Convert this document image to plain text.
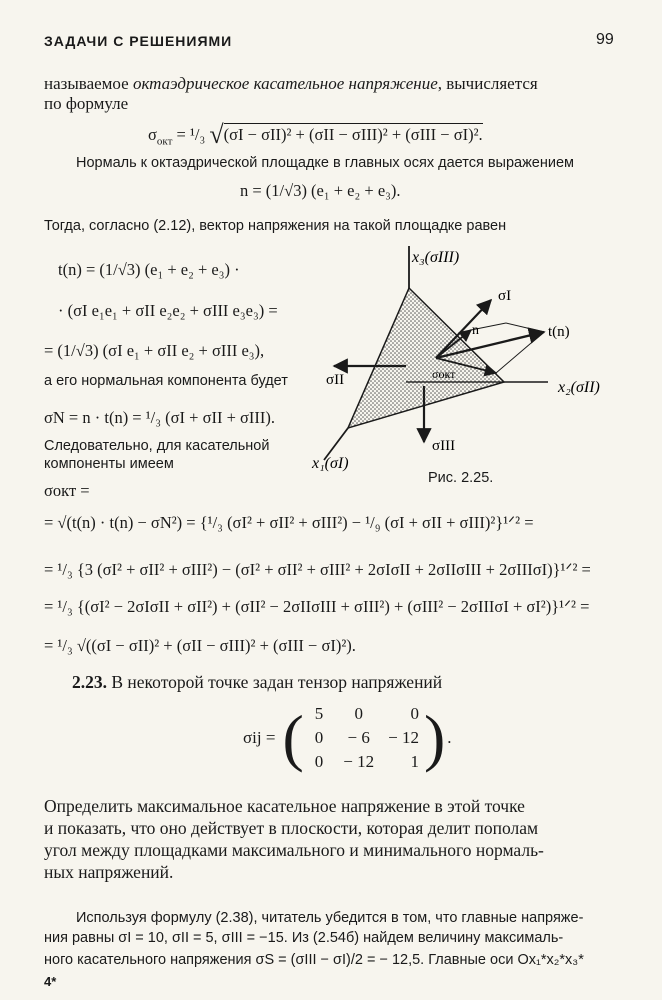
ЗАДАЧИ С РЕШЕНИЯМИ	99
называемое октаэдрическое касательное напряжение, вычисляется
по формуле
$\sigma_{окт} = ^1/_3$ √(σI − σII)² + (σII − σIII)² + (σIII − σI)².
Нормаль к октаэдрической площадке в главных осях дается выражением
n = (1/√3) (e₁ + e₂ + e₃).
Тогда, согласно (2.12), вектор напряжения на такой площадке равен
t(n) = (1/√3) (e₁ + e₂ + e₃) ·
· (σI e₁e₁ + σII e₂e₂ + σIII e₃e₃) =
= (1/√3) (σI e₁ + σII e₂ + σIII e₃),
а его нормальная компонента будет
σN = n · t(n) = ¹/₃ (σI + σII + σIII).
Следовательно, для касательной
компоненты имеем
σокт =
x₃(σIII)
x₂(σII)
x₁(σI)
σI
σII
σIII
t(n)
n
σокт
Рис. 2.25.
= √(t(n) · t(n) − σN²) = {¹/₃ (σI² + σII² + σIII²) − ¹/₉ (σI + σII + σIII)²}¹ᐟ² =
= ¹/₃ {3 (σI² + σII² + σIII²) − (σI² + σII² + σIII² + 2σIσII + 2σIIσIII + 2σIIIσI)}¹ᐟ² =
= ¹/₃ {(σI² − 2σIσII + σII²) + (σII² − 2σIIσIII + σIII²) + (σIII² − 2σIIIσI + σI²)}¹ᐟ² =
= ¹/₃ √((σI − σII)² + (σII − σIII)² + (σIII − σI)²).
2.23. В некоторой точке задан тензор напряжений
σij =	(	5	0	0	)	.
		0	− 6	− 12		
		0	− 12	1		
Определить максимальное касательное напряжение в этой точке
и показать, что оно действует в плоскости, которая делит пополам
угол между площадками максимального и минимального нормаль-
ных напряжений.
Используя формулу (2.38), читатель убедится в том, что главные напряже-
ния равны σI = 10, σII = 5, σIII = −15. Из (2.54б) найдем величину максималь-
ного касательного напряжения σS = (σIII − σI)/2 = − 12,5. Главные оси Ox₁*x₂*x₃*
4*
